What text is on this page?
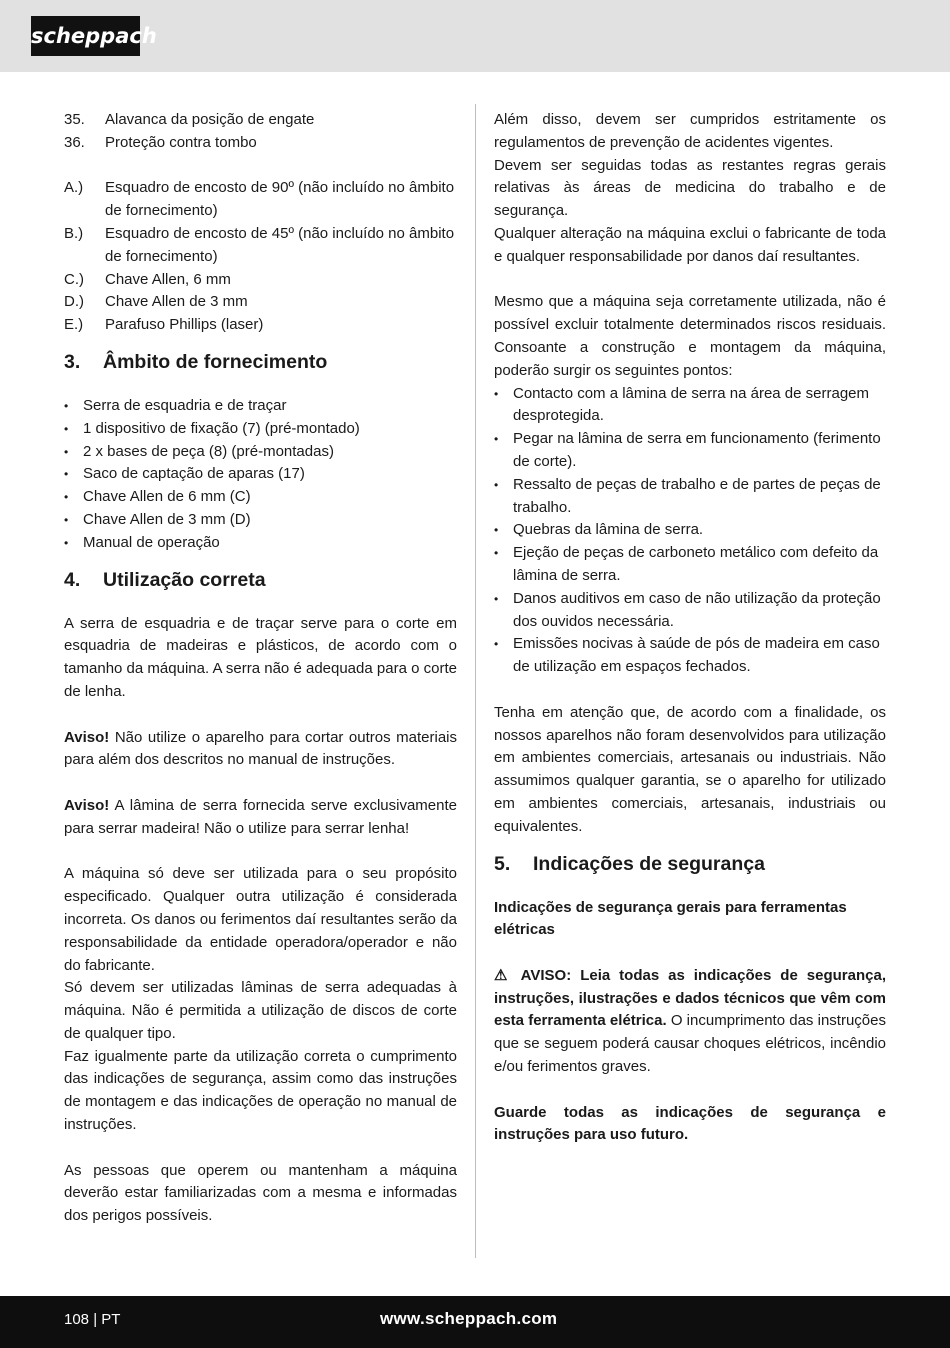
scheppach
35.	Alavanca da posição de engate
36.	Proteção contra tombo
A.)	Esquadro de encosto de 90º (não incluído no âmbito de fornecimento)
B.)	Esquadro de encosto de 45º (não incluído no âmbito de fornecimento)
C.)	Chave Allen, 6 mm
D.)	Chave Allen de 3 mm
E.)	Parafuso Phillips (laser)
3.	Âmbito de fornecimento
• Serra de esquadria e de traçar
• 1 dispositivo de fixação (7) (pré-montado)
• 2 x bases de peça (8) (pré-montadas)
• Saco de captação de aparas (17)
• Chave Allen de 6 mm (C)
• Chave Allen de 3 mm (D)
• Manual de operação
4.	Utilização correta

A serra de esquadria e de traçar serve para o corte em esquadria de madeiras e plásticos, de acordo com o tamanho da máquina. A serra não é adequada para o corte de lenha.

Aviso! Não utilize o aparelho para cortar outros materiais para além dos descritos no manual de instruções.

Aviso! A lâmina de serra fornecida serve exclusivamente para serrar madeira! Não o utilize para serrar lenha!

A máquina só deve ser utilizada para o seu propósito especificado. Qualquer outra utilização é considerada incorreta. Os danos ou ferimentos daí resultantes serão da responsabilidade da entidade operadora/operador e não do fabricante.

Só devem ser utilizadas lâminas de serra adequadas à máquina. Não é permitida a utilização de discos de corte de qualquer tipo.

Faz igualmente parte da utilização correta o cumprimento das indicações de segurança, assim como das instruções de montagem e das indicações de operação no manual de instruções.

As pessoas que operem ou mantenham a máquina deverão estar familiarizadas com a mesma e informadas dos perigos possíveis.

Além disso, devem ser cumpridos estritamente os regulamentos de prevenção de acidentes vigentes.

Devem ser seguidas todas as restantes regras gerais relativas às áreas de medicina do trabalho e de segurança.

Qualquer alteração na máquina exclui o fabricante de toda e qualquer responsabilidade por danos daí resultantes.

Mesmo que a máquina seja corretamente utilizada, não é possível excluir totalmente determinados riscos residuais. Consoante a construção e montagem da máquina, poderão surgir os seguintes pontos:

• Contacto com a lâmina de serra na área de serragem desprotegida.
• Pegar na lâmina de serra em funcionamento (ferimento de corte).
• Ressalto de peças de trabalho e de partes de peças de trabalho.
• Quebras da lâmina de serra.
• Ejeção de peças de carboneto metálico com defeito da lâmina de serra.
• Danos auditivos em caso de não utilização da proteção dos ouvidos necessária.
• Emissões nocivas à saúde de pós de madeira em caso de utilização em espaços fechados.

Tenha em atenção que, de acordo com a finalidade, os nossos aparelhos não foram desenvolvidos para utilização em ambientes comerciais, artesanais ou industriais. Não assumimos qualquer garantia, se o aparelho for utilizado em ambientes comerciais, artesanais, industriais ou equivalentes.

5.	Indicações de segurança

Indicações de segurança gerais para ferramentas elétricas

⚠ AVISO: Leia todas as indicações de segurança, instruções, ilustrações e dados técnicos que vêm com esta ferramenta elétrica. O incumprimento das instruções que se seguem poderá causar choques elétricos, incêndio e/ou ferimentos graves.

Guarde todas as indicações de segurança e instruções para uso futuro.

108 | PT	www.scheppach.com
